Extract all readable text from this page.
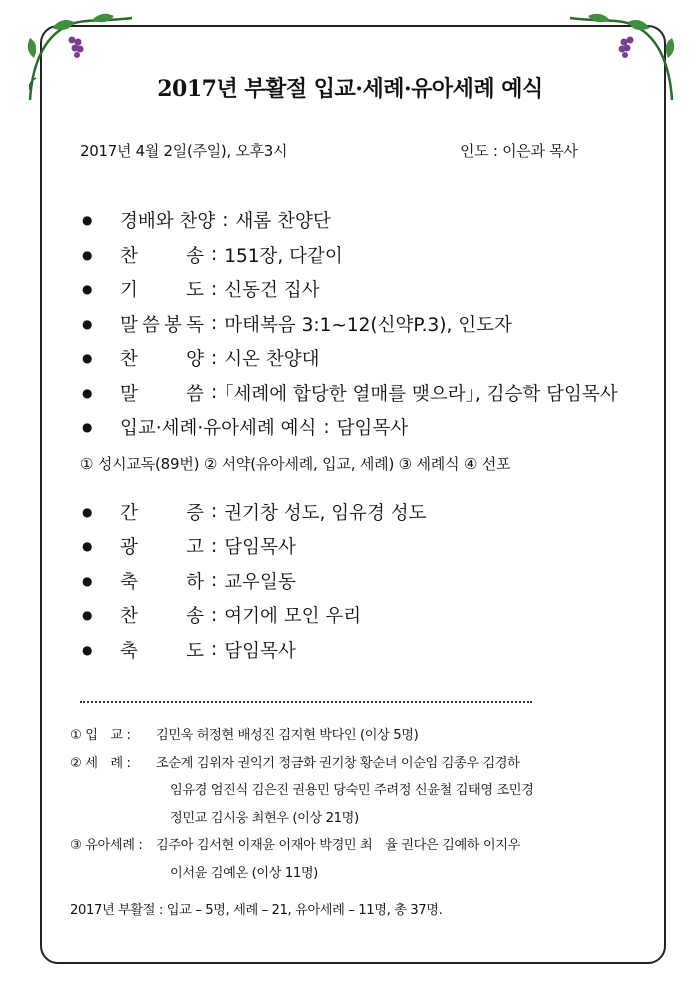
2017년 부활절 입교·세례·유아세례 예식
2017년 4월 2일(주일), 오후3시	인도 : 이은과 목사
●	경배와 찬양 : 새롬 찬양단
●	찬	송 : 151장, 다같이
●	기	도 : 신동건 집사
●	말 씀 봉 독 : 마태복음 3:1~12(신약P.3), 인도자
●	찬	양 : 시온 찬양대
●	말	씀 : ｢세례에 합당한 열매를 맺으라｣, 김승학 담임목사
●	입교·세례·유아세례 예식 : 담임목사
① 성시교독(89번) ② 서약(유아세례, 입교, 세례) ③ 세례식 ④ 선포
●	간	증 : 권기창 성도, 임유경 성도
●	광	고 : 담임목사
●	축	하 : 교우일동
●	찬	송 : 여기에 모인 우리
●	축	도 : 담임목사
① 입　교 :	김민욱 허정현 배성진 김지현 박다인 (이상 5명)
② 세　례 :	조순계 김위자 권익기 정금화 권기창 황순녀 이순임 김종우 김경하
임유경 엄진식 김은진 권용민 당숙민 주려정 신윤철 김태영 조민경
정민교 김시웅 최현우 (이상 21명)
③ 유아세례 :	김주아 김서현 이재윤 이재아 박경민 최　율 권다은 김예하 이지우
이서윤 김예온 (이상 11명)
2017년 부활절 : 입교 – 5명, 세례 – 21, 유아세례 – 11명, 총 37명.
